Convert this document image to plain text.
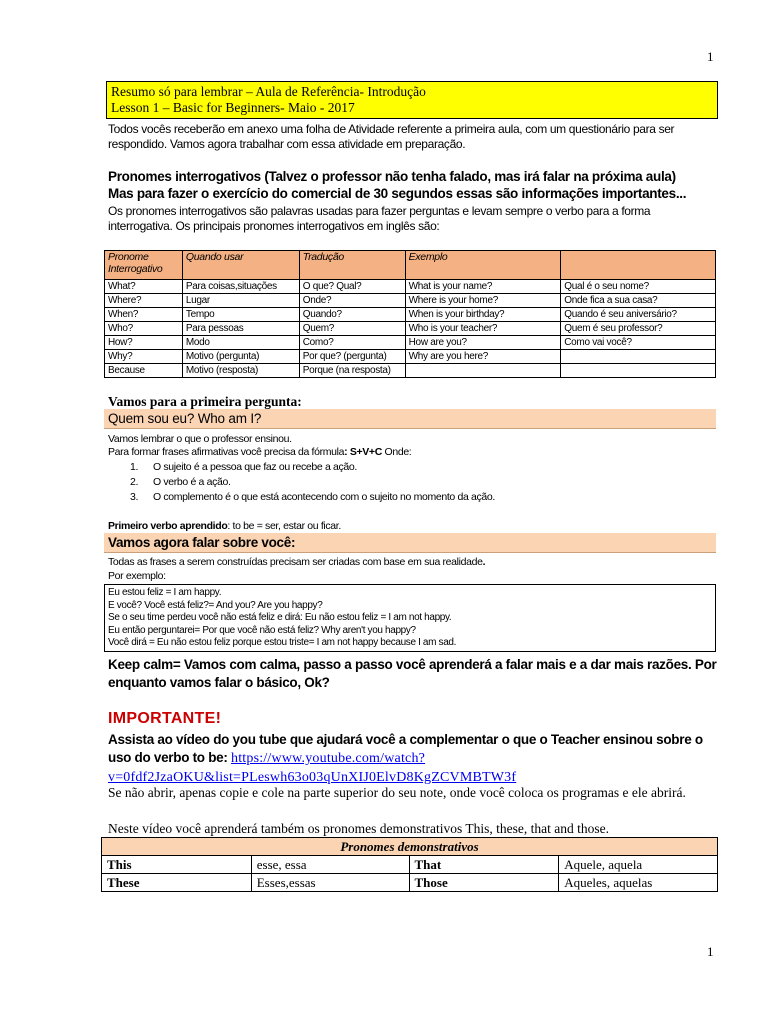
1
Resumo só para lembrar – Aula de Referência- Introdução
Lesson 1 – Basic for Beginners- Maio - 2017
Todos vocês receberão em anexo uma folha de Atividade referente a primeira aula, com um questionário para ser respondido. Vamos agora trabalhar com essa atividade em preparação.
Pronomes interrogativos (Talvez o professor não tenha falado, mas irá falar na próxima aula)
Mas para fazer o exercício do comercial de 30 segundos essas são informações importantes...
Os pronomes interrogativos são palavras usadas para fazer perguntas e levam sempre o verbo para a forma interrogativa. Os principais pronomes interrogativos em inglês são:
Pronome Interrogativo	Quando usar	Tradução	Exemplo	
What?	Para coisas,situações	O que? Qual?	What is your name?	Qual é o seu nome?
Where?	Lugar	Onde?	Where is your home?	Onde fica a sua casa?
When?	Tempo	Quando?	When is your birthday?	Quando é seu aniversário?
Who?	Para pessoas	Quem?	Who is your teacher?	Quem é seu professor?
How?	Modo	Como?	How are you?	Como vai você?
Why?	Motivo (pergunta)	Por que? (pergunta)	Why are you here?	
Because	Motivo (resposta)	Porque (na resposta)		
Vamos para a primeira pergunta:
Quem sou eu? Who am I?
Vamos lembrar o que o professor ensinou.
Para formar frases afirmativas você precisa da fórmula: S+V+C Onde:
1. O sujeito é a pessoa que faz ou recebe a ação.
2. O verbo é a ação.
3. O complemento é o que está acontecendo com o sujeito no momento da ação.
Primeiro verbo aprendido: to be = ser, estar ou ficar.
Vamos agora falar sobre você:
Todas as frases a serem construídas precisam ser criadas com base em sua realidade.
Por exemplo:
Eu estou feliz = I am happy.
E você? Você está feliz?= And you? Are you happy?
Se o seu time perdeu você não está feliz e dirá: Eu não estou feliz = I am not happy.
Eu então perguntarei= Por que você não está feliz? Why aren't you happy?
Você dirá = Eu não estou feliz porque estou triste= I am not happy because I am sad.
Keep calm= Vamos com calma, passo a passo você aprenderá a falar mais e a dar mais razões. Por enquanto vamos falar o básico, Ok?
IMPORTANTE!
Assista ao vídeo do you tube que ajudará você a complementar o que o Teacher ensinou sobre o uso do verbo to be: https://www.youtube.com/watch?
v=0fdf2JzaOKU&list=PLeswh63o03qUnXIJ0ElvD8KgZCVMBTW3f
Se não abrir, apenas copie e cole na parte superior do seu note, onde você coloca os programas e ele abrirá.
Neste vídeo você aprenderá também os pronomes demonstrativos This, these, that and those.
Pronomes demonstrativos			
This	esse, essa	That	Aquele, aquela
These	Esses,essas	Those	Aqueles, aquelas
1
